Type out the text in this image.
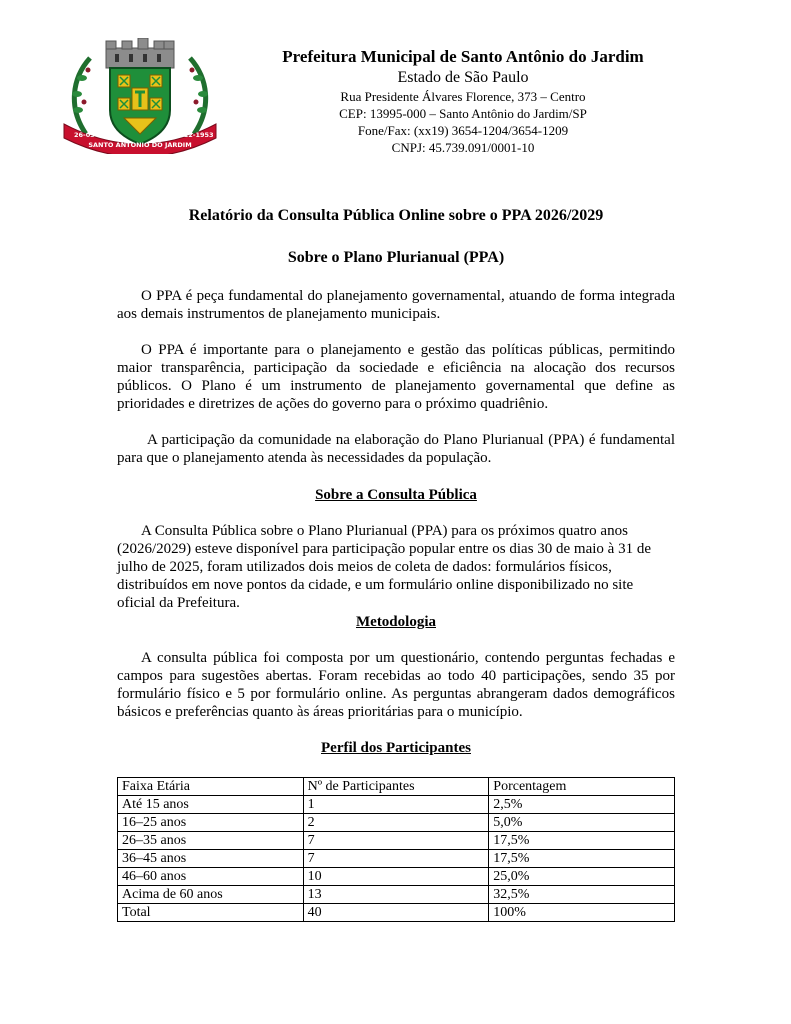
26-03-1951
SANTO ANTONIO DO JARDIM
30-12-1953
Prefeitura Municipal de Santo Antônio do Jardim
Estado de São Paulo
Rua Presidente Álvares Florence, 373 – Centro
CEP: 13995-000 – Santo Antônio do Jardim/SP
Fone/Fax: (xx19) 3654-1204/3654-1209
CNPJ: 45.739.091/0001-10
Relatório da Consulta Pública Online sobre o PPA 2026/2029
Sobre o Plano Plurianual (PPA)

O PPA é peça fundamental do planejamento governamental, atuando de forma integrada aos demais instrumentos de planejamento municipais.

O PPA é importante para o planejamento e gestão das políticas públicas, permitindo maior transparência, participação da sociedade e eficiência na alocação dos recursos públicos. O Plano é um instrumento de planejamento governamental que define as prioridades e diretrizes de ações do governo para o próximo quadriênio.

A participação da comunidade na elaboração do Plano Plurianual (PPA) é fundamental para que o planejamento atenda às necessidades da população.

Sobre a Consulta Pública

A Consulta Pública sobre o Plano Plurianual (PPA) para os próximos quatro anos (2026/2029) esteve disponível para participação popular entre os dias 30 de maio à 31 de julho de 2025, foram utilizados dois meios de coleta de dados: formulários físicos, distribuídos em nove pontos da cidade, e um formulário online disponibilizado no site oficial da Prefeitura.

Metodologia

A consulta pública foi composta por um questionário, contendo perguntas fechadas e campos para sugestões abertas. Foram recebidas ao todo 40 participações, sendo 35 por formulário físico e 5 por formulário online. As perguntas abrangeram dados demográficos básicos e preferências quanto às áreas prioritárias para o município.

Perfil dos Participantes
Faixa Etária	Nº de Participantes	Porcentagem
Até 15 anos	1	2,5%
16–25 anos	2	5,0%
26–35 anos	7	17,5%
36–45 anos	7	17,5%
46–60 anos	10	25,0%
Acima de 60 anos	13	32,5%
Total	40	100%
